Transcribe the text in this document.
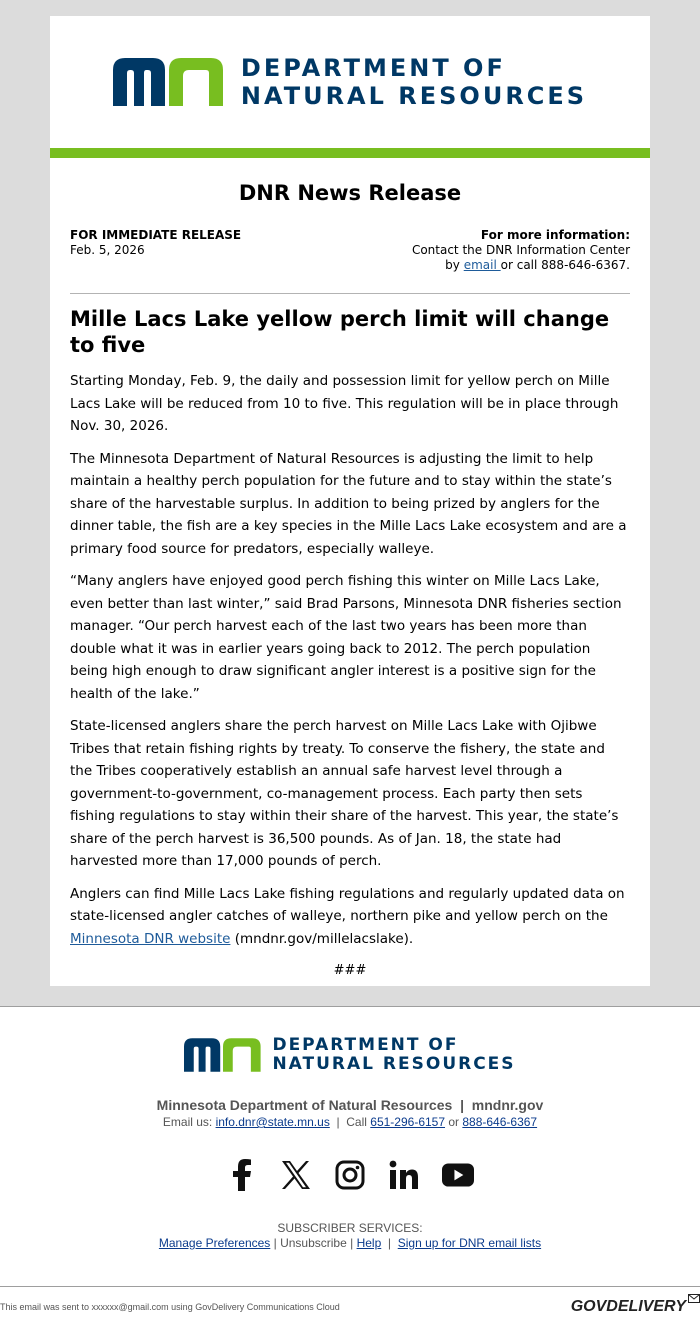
DEPARTMENT OF
NATURAL RESOURCES
DNR News Release
FOR IMMEDIATE RELEASE
Feb. 5, 2026
For more information:
Contact the DNR Information Center
by email or call 888-646-6367.
Mille Lacs Lake yellow perch limit will change to five

Starting Monday, Feb. 9, the daily and possession limit for yellow perch on Mille Lacs Lake will be reduced from 10 to five. This regulation will be in place through Nov. 30, 2026.

The Minnesota Department of Natural Resources is adjusting the limit to help maintain a healthy perch population for the future and to stay within the state’s share of the harvestable surplus. In addition to being prized by anglers for the dinner table, the fish are a key species in the Mille Lacs Lake ecosystem and are a primary food source for predators, especially walleye.

“Many anglers have enjoyed good perch fishing this winter on Mille Lacs Lake, even better than last winter,” said Brad Parsons, Minnesota DNR fisheries section manager. “Our perch harvest each of the last two years has been more than double what it was in earlier years going back to 2012. The perch population being high enough to draw significant angler interest is a positive sign for the health of the lake.”

State-licensed anglers share the perch harvest on Mille Lacs Lake with Ojibwe Tribes that retain fishing rights by treaty. To conserve the fishery, the state and the Tribes cooperatively establish an annual safe harvest level through a government-to-government, co-management process. Each party then sets fishing regulations to stay within their share of the harvest. This year, the state’s share of the perch harvest is 36,500 pounds. As of Jan. 18, the state had harvested more than 17,000 pounds of perch.

Anglers can find Mille Lacs Lake fishing regulations and regularly updated data on state-licensed angler catches of walleye, northern pike and yellow perch on the Minnesota DNR website (mndnr.gov/millelacslake).

###
DEPARTMENT OF
NATURAL RESOURCES
Minnesota Department of Natural Resources  |  mndnr.gov
Email us: info.dnr@state.mn.us  |  Call 651-296-6157 or 888-646-6367
SUBSCRIBER SERVICES:
Manage Preferences | Unsubscribe | Help  |  Sign up for DNR email lists
This email was sent to xxxxxx@gmail.com using GovDelivery Communications Cloud	GOVDELIVERY
